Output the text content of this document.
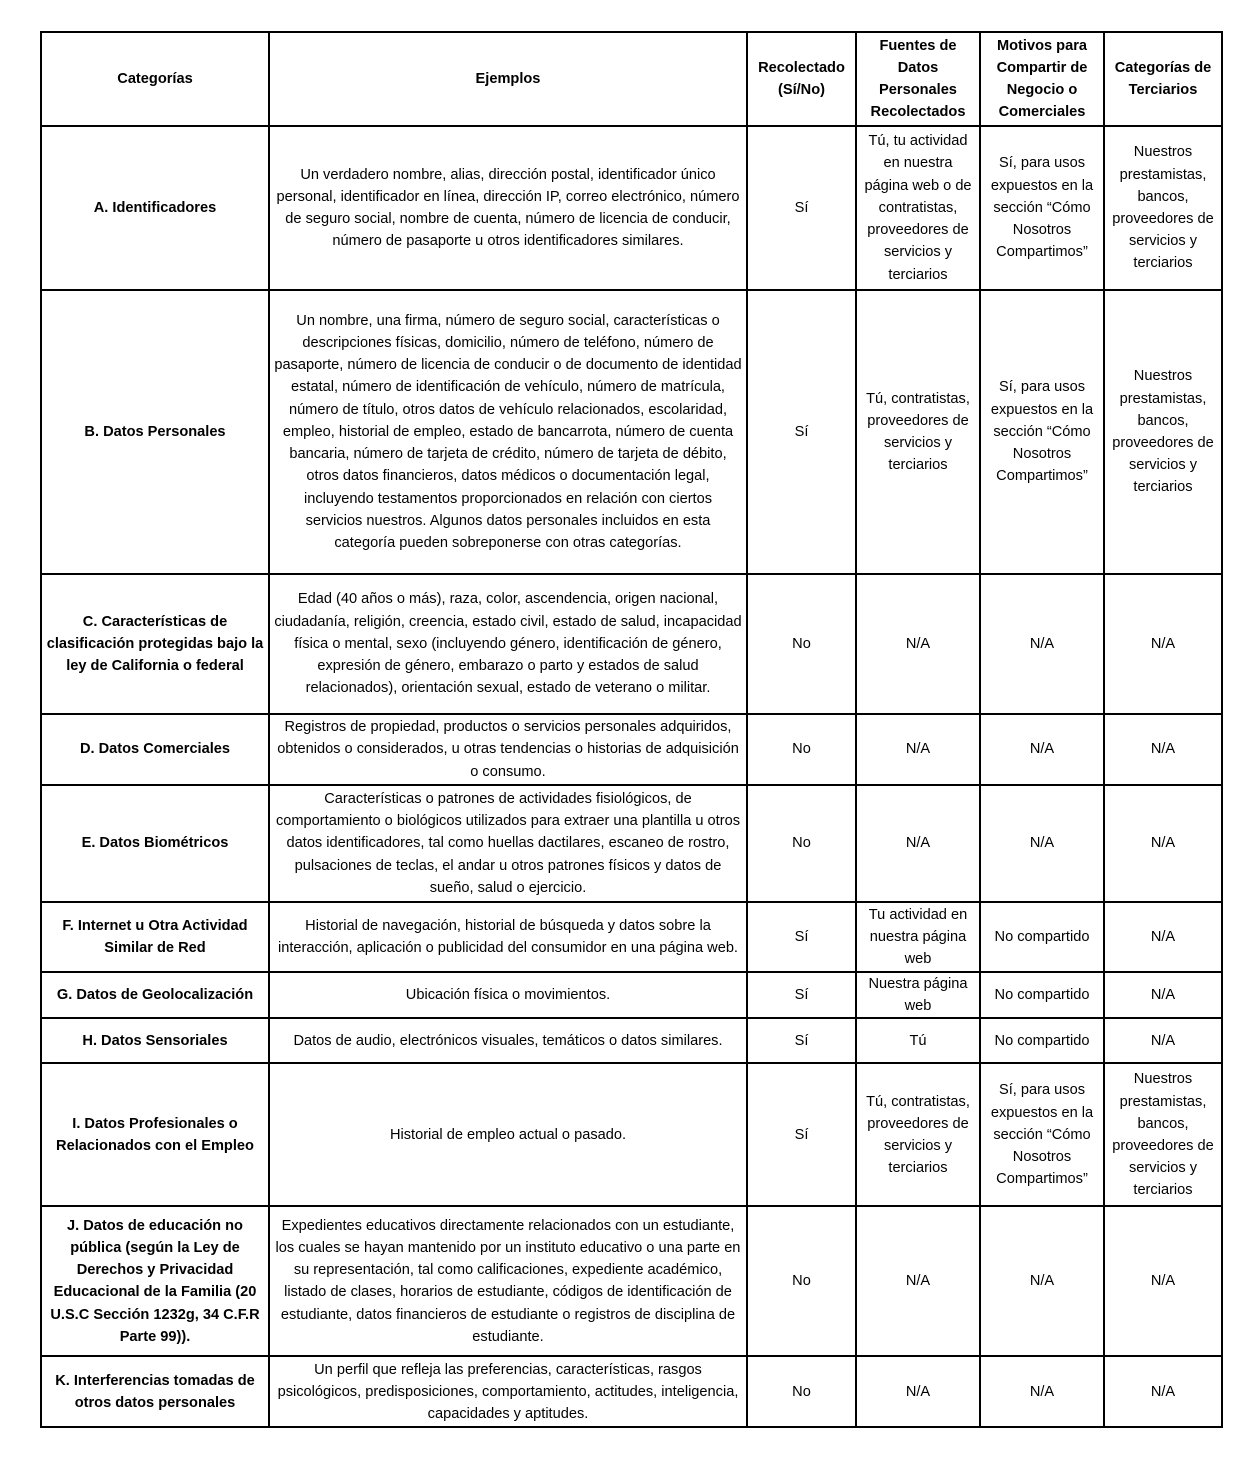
Categorías	Ejemplos	Recolectado (Sí/No)	Fuentes de Datos Personales Recolectados	Motivos para Compartir de Negocio o Comerciales	Categorías de Terciarios
A. Identificadores	Un verdadero nombre, alias, dirección postal, identificador único personal, identificador en línea, dirección IP, correo electrónico, número de seguro social, nombre de cuenta, número de licencia de conducir, número de pasaporte u otros identificadores similares.	Sí	Tú, tu actividad en nuestra página web o de contratistas, proveedores de servicios y terciarios	Sí, para usos expuestos en la sección “Cómo Nosotros Compartimos”	Nuestros prestamistas, bancos, proveedores de servicios y terciarios
B. Datos Personales	Un nombre, una firma, número de seguro social, características o descripciones físicas, domicilio, número de teléfono, número de pasaporte, número de licencia de conducir o de documento de identidad estatal, número de identificación de vehículo, número de matrícula, número de título, otros datos de vehículo relacionados, escolaridad, empleo, historial de empleo, estado de bancarrota, número de cuenta bancaria, número de tarjeta de crédito, número de tarjeta de débito, otros datos financieros, datos médicos o documentación legal, incluyendo testamentos proporcionados en relación con ciertos servicios nuestros. Algunos datos personales incluidos en esta categoría pueden sobreponerse con otras categorías.	Sí	Tú, contratistas, proveedores de servicios y terciarios	Sí, para usos expuestos en la sección “Cómo Nosotros Compartimos”	Nuestros prestamistas, bancos, proveedores de servicios y terciarios
C. Características de clasificación protegidas bajo la ley de California o federal	Edad (40 años o más), raza, color, ascendencia, origen nacional, ciudadanía, religión, creencia, estado civil, estado de salud, incapacidad física o mental, sexo (incluyendo género, identificación de género, expresión de género, embarazo o parto y estados de salud relacionados), orientación sexual, estado de veterano o militar.	No	N/A	N/A	N/A
D. Datos Comerciales	Registros de propiedad, productos o servicios personales adquiridos, obtenidos o considerados, u otras tendencias o historias de adquisición o consumo.	No	N/A	N/A	N/A
E. Datos Biométricos	Características o patrones de actividades fisiológicos, de comportamiento o biológicos utilizados para extraer una plantilla u otros datos identificadores, tal como huellas dactilares, escaneo de rostro, pulsaciones de teclas, el andar u otros patrones físicos y datos de sueño, salud o ejercicio.	No	N/A	N/A	N/A
F. Internet u Otra Actividad Similar de Red	Historial de navegación, historial de búsqueda y datos sobre la interacción, aplicación o publicidad del consumidor en una página web.	Sí	Tu actividad en nuestra página web	No compartido	N/A
G. Datos de Geolocalización	Ubicación física o movimientos.	Sí	Nuestra página web	No compartido	N/A
H. Datos Sensoriales	Datos de audio, electrónicos visuales, temáticos o datos similares.	Sí	Tú	No compartido	N/A
I. Datos Profesionales o Relacionados con el Empleo	Historial de empleo actual o pasado.	Sí	Tú, contratistas, proveedores de servicios y terciarios	Sí, para usos expuestos en la sección “Cómo Nosotros Compartimos”	Nuestros prestamistas, bancos, proveedores de servicios y terciarios
J. Datos de educación no pública (según la Ley de Derechos y Privacidad Educacional de la Familia (20 U.S.C Sección 1232g, 34 C.F.R Parte 99)).	Expedientes educativos directamente relacionados con un estudiante, los cuales se hayan mantenido por un instituto educativo o una parte en su representación, tal como calificaciones, expediente académico, listado de clases, horarios de estudiante, códigos de identificación de estudiante, datos financieros de estudiante o registros de disciplina de estudiante.	No	N/A	N/A	N/A
K. Interferencias tomadas de otros datos personales	Un perfil que refleja las preferencias, características, rasgos psicológicos, predisposiciones, comportamiento, actitudes, inteligencia, capacidades y aptitudes.	No	N/A	N/A	N/A
